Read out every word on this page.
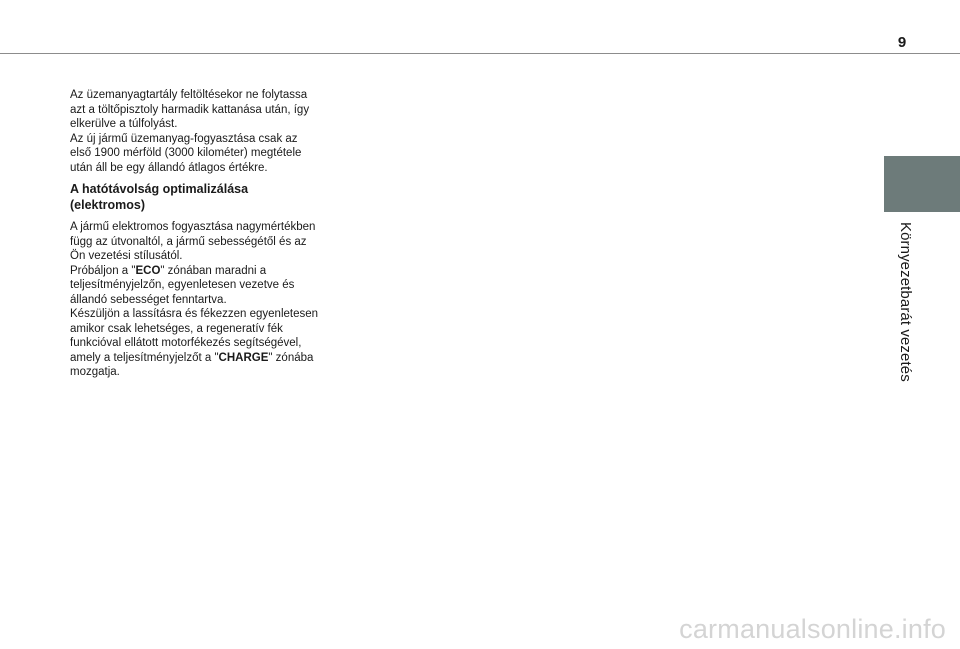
9
Környezetbarát vezetés

Az üzemanyagtartály feltöltésekor ne folytassa
azt a töltőpisztoly harmadik kattanása után, így
elkerülve a túlfolyást.
Az új jármű üzemanyag-fogyasztása csak az
első 1900 mérföld (3000 kilométer) megtétele
után áll be egy állandó átlagos értékre.

A hatótávolság optimalizálása
(elektromos)

A jármű elektromos fogyasztása nagymértékben
függ az útvonaltól, a jármű sebességétől és az
Ön vezetési stílusától.

Próbáljon a "ECO" zónában maradni a
teljesítményjelzőn, egyenletesen vezetve és
állandó sebességet fenntartva.

Készüljön a lassításra és fékezzen egyenletesen
amikor csak lehetséges, a regeneratív fék
funkcióval ellátott motorfékezés segítségével,
amely a teljesítményjelzőt a "CHARGE" zónába
mozgatja.

carmanualsonline.info
